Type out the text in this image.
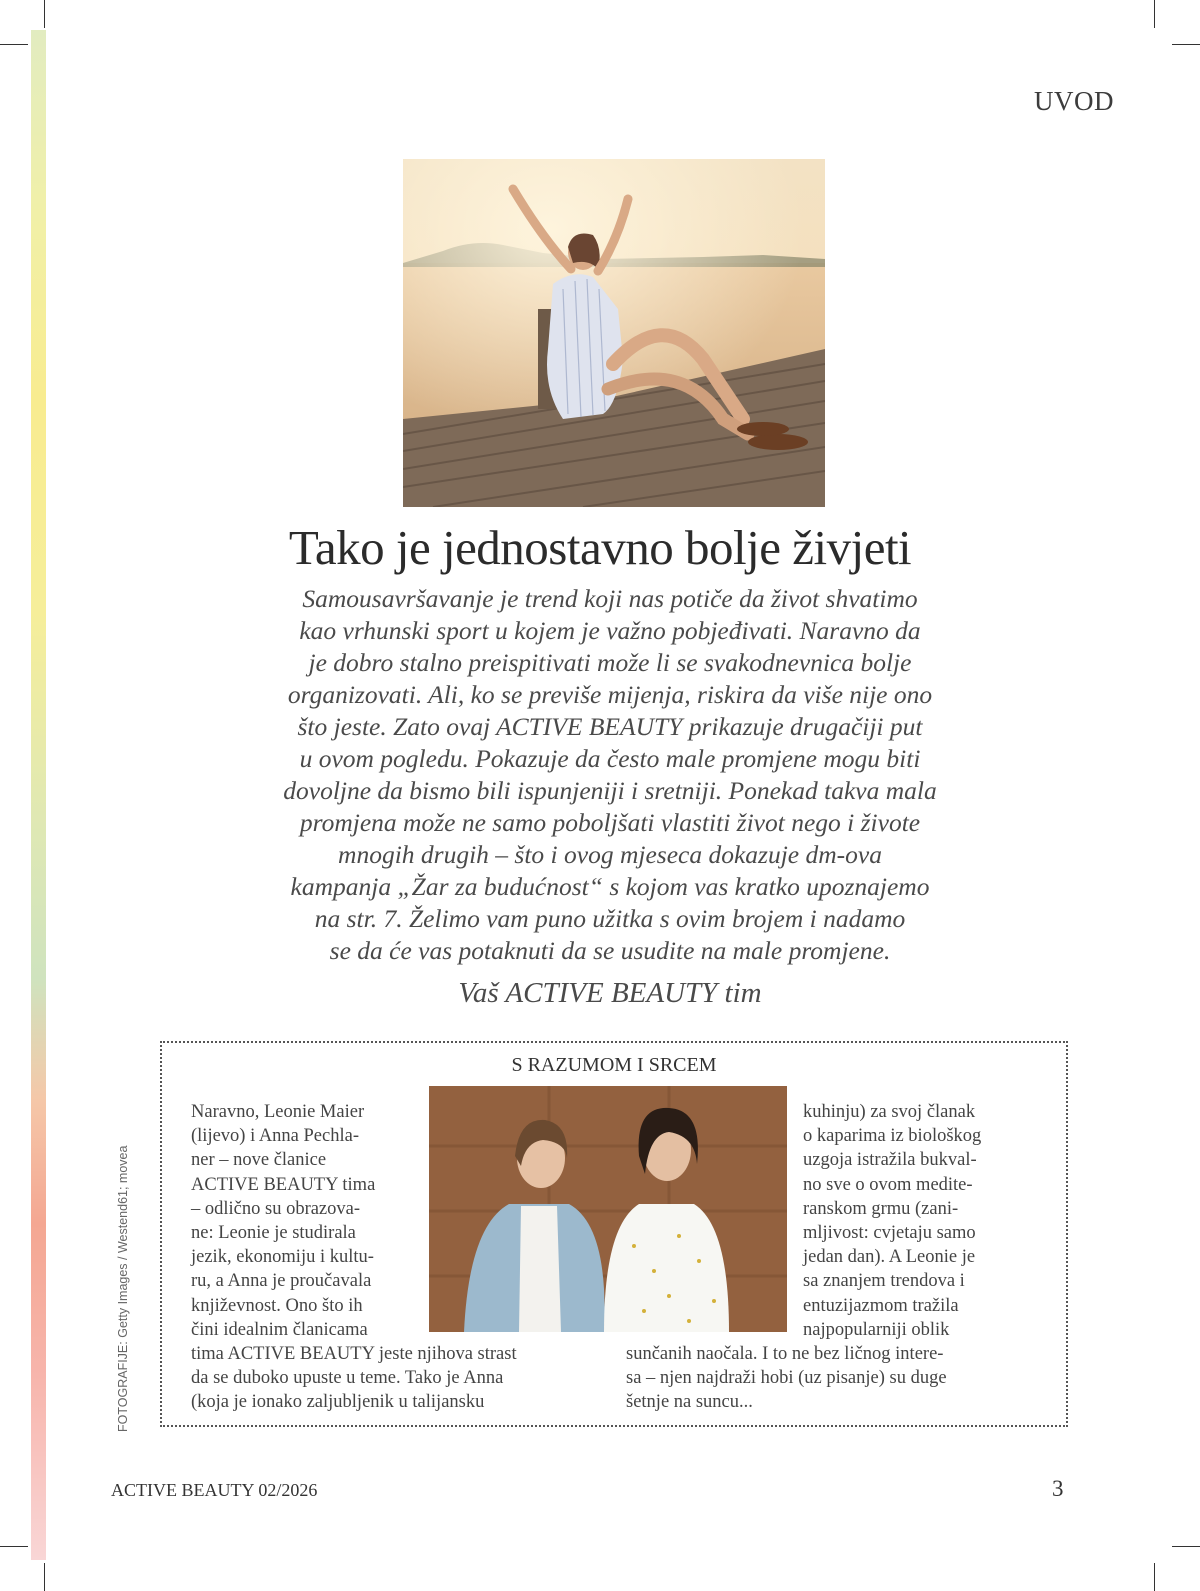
UVOD
Tako je jednostavno bolje živjeti
Samousavršavanje je trend koji nas potiče da život shvatimo
kao vrhunski sport u kojem je važno pobjeđivati. Naravno da
je dobro stalno preispitivati može li se svakodnevnica bolje
organizovati. Ali, ko se previše mijenja, riskira da više nije ono
što jeste. Zato ovaj ACTIVE BEAUTY prikazuje drugačiji put
u ovom pogledu. Pokazuje da često male promjene mogu biti
dovoljne da bismo bili ispunjeniji i sretniji. Ponekad takva mala
promjena može ne samo poboljšati vlastiti život nego i živote
mnogih drugih – što i ovog mjeseca dokazuje dm-ova
kampanja „Žar za budućnost“ s kojom vas kratko upoznajemo
na str. 7. Želimo vam puno užitka s ovim brojem i nadamo
se da će vas potaknuti da se usudite na male promjene.
Vaš ACTIVE BEAUTY tim
S RAZUMOM I SRCEM
Naravno, Leonie Maier
(lijevo) i Anna Pechla-
ner – nove članice
ACTIVE BEAUTY tima
– odlično su obrazova-
ne: Leonie je studirala
jezik, ekonomiju i kultu-
ru, a Anna je proučavala
književnost. Ono što ih
čini idealnim članicama
tima ACTIVE BEAUTY jeste njihova strast
da se duboko upuste u teme. Tako je Anna
(koja je ionako zaljubljenik u talijansku
kuhinju) za svoj članak
o kaparima iz biološkog
uzgoja istražila bukval-
no sve o ovom medite-
ranskom grmu (zani-
mljivost: cvjetaju samo
jedan dan). A Leonie je
sa znanjem trendova i
entuzijazmom tražila
najpopularniji oblik
sunčanih naočala. I to ne bez ličnog intere-
sa – njen najdraži hobi (uz pisanje) su duge
šetnje na suncu...
FOTOGRAFIJE: Getty Images / Westend61; movea
ACTIVE BEAUTY 02/2026	3
